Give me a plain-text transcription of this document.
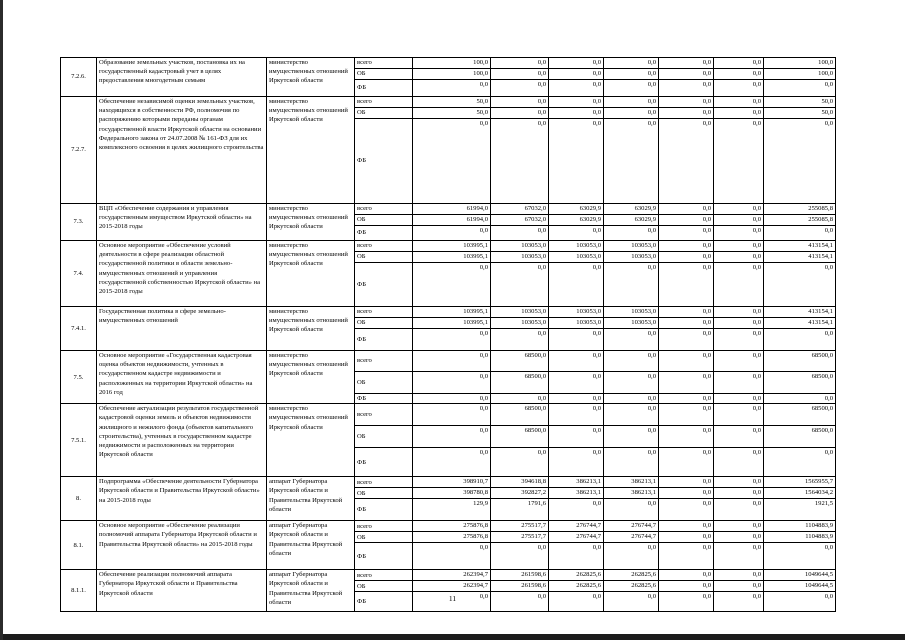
7.2.6.	Образование земельных участков, постановка их на государственный кадастровый учет в целях предоставления многодетным семьям	министерство имущественных отношений Иркутской области	всего	100,0	0,0	0,0	0,0	0,0	0,0	100,0
			ОБ	100,0	0,0	0,0	0,0	0,0	0,0	100,0
			ФБ	0,0	0,0	0,0	0,0	0,0	0,0	0,0
7.2.7.	Обеспечение независимой оценки земельных участков, находящихся в собственности РФ, полномочия по распоряжению которыми переданы органам государственной власти Иркутской области на основании Федерального закона от 24.07.2008 № 161-ФЗ для их комплексного освоения в целях жилищного строительства	министерство имущественных отношений Иркутской области	всего	50,0	0,0	0,0	0,0	0,0	0,0	50,0
			ОБ	50,0	0,0	0,0	0,0	0,0	0,0	50,0
			ФБ	0,0	0,0	0,0	0,0	0,0	0,0	0,0
7.3.	ВЦП «Обеспечение содержания и управления государственным имуществом Иркутской области» на 2015-2018 годы	министерство имущественных отношений Иркутской области	всего	61994,0	67032,0	63029,9	63029,9	0,0	0,0	255085,8
			ОБ	61994,0	67032,0	63029,9	63029,9	0,0	0,0	255085,8
			ФБ	0,0	0,0	0,0	0,0	0,0	0,0	0,0
7.4.	Основное мероприятие «Обеспечение условий деятельности в сфере реализации областной государственной политики в области земельно-имущественных отношений и управления государственной собственностью Иркутской области» на 2015-2018 годы	министерство имущественных отношений Иркутской области	всего	103995,1	103053,0	103053,0	103053,0	0,0	0,0	413154,1
			ОБ	103995,1	103053,0	103053,0	103053,0	0,0	0,0	413154,1
			ФБ	0,0	0,0	0,0	0,0	0,0	0,0	0,0
7.4.1.	Государственная политика в сфере земельно-имущественных отношений	министерство имущественных отношений Иркутской области	всего	103995,1	103053,0	103053,0	103053,0	0,0	0,0	413154,1
			ОБ	103995,1	103053,0	103053,0	103053,0	0,0	0,0	413154,1
			ФБ	0,0	0,0	0,0	0,0	0,0	0,0	0,0
7.5.	Основное мероприятие «Государственная кадастровая оценка объектов недвижимости, учтенных в государственном кадастре недвижимости и расположенных на территории Иркутской области» на 2016 год	министерство имущественных отношений Иркутской области	всего	0,0	68500,0	0,0	0,0	0,0	0,0	68500,0
			ОБ	0,0	68500,0	0,0	0,0	0,0	0,0	68500,0
			ФБ	0,0	0,0	0,0	0,0	0,0	0,0	0,0
7.5.1.	Обеспечение актуализации результатов государственной кадастровой оценки земель и объектов недвижимости жилищного и нежилого фонда (объектов капитального строительства), учтенных в государственном кадастре недвижимости и расположенных на территории Иркутской области	министерство имущественных отношений Иркутской области	всего	0,0	68500,0	0,0	0,0	0,0	0,0	68500,0
			ОБ	0,0	68500,0	0,0	0,0	0,0	0,0	68500,0
			ФБ	0,0	0,0	0,0	0,0	0,0	0,0	0,0
8.	Подпрограмма «Обеспечение деятельности Губернатора Иркутской области и Правительства Иркутской области» на 2015-2018 годы	аппарат Губернатора Иркутской области и Правительства Иркутской области	всего	398910,7	394618,8	386213,1	386213,1	0,0	0,0	1565955,7
			ОБ	398780,8	392827,2	386213,1	386213,1	0,0	0,0	1564034,2
			ФБ	129,9	1791,6	0,0	0,0	0,0	0,0	1921,5
8.1.	Основное мероприятие «Обеспечение реализации полномочий аппарата Губернатора Иркутской области и Правительства Иркутской области» на 2015-2018 годы	аппарат Губернатора Иркутской области и Правительства Иркутской области	всего	275876,8	275517,7	276744,7	276744,7	0,0	0,0	1104883,9
			ОБ	275876,8	275517,7	276744,7	276744,7	0,0	0,0	1104883,9
			ФБ	0,0	0,0	0,0	0,0	0,0	0,0	0,0
8.1.1.	Обеспечение реализации полномочий аппарата Губернатора Иркутской области и Правительства Иркутской области	аппарат Губернатора Иркутской области и Правительства Иркутской области	всего	262394,7	261598,6	262825,6	262825,6	0,0	0,0	1049644,5
			ОБ	262394,7	261598,6	262825,6	262825,6	0,0	0,0	1049644,5
			ФБ	0,0	0,0	0,0	0,0	0,0	0,0	0,0
11
